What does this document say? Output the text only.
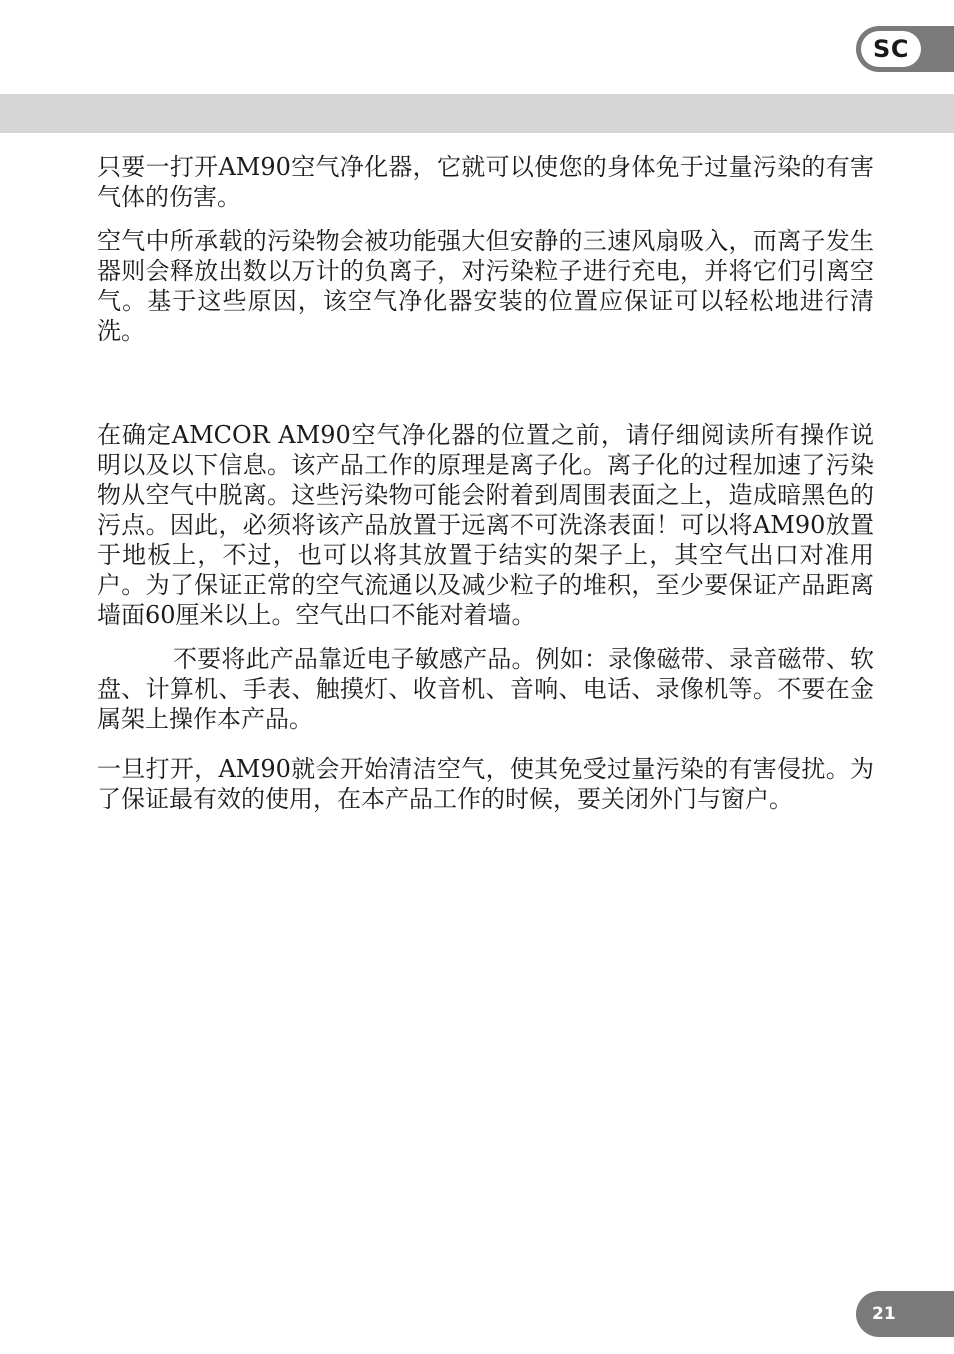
SC

只要一打开AM90空气净化器，它就可以使您的身体免于过量污染的有害气体的伤害。

空气中所承载的污染物会被功能强大但安静的三速风扇吸入，而离子发生器则会释放出数以万计的负离子，对污染粒子进行充电，并将它们引离空气。基于这些原因，该空气净化器安装的位置应保证可以轻松地进行清洗。

在确定AMCOR AM90空气净化器的位置之前，请仔细阅读所有操作说明以及以下信息。该产品工作的原理是离子化。离子化的过程加速了污染物从空气中脱离。这些污染物可能会附着到周围表面之上，造成暗黑色的污点。因此，必须将该产品放置于远离不可洗涤表面！可以将AM90放置于地板上，不过，也可以将其放置于结实的架子上，其空气出口对准用户。为了保证正常的空气流通以及减少粒子的堆积，至少要保证产品距离墙面60厘米以上。空气出口不能对着墙。

不要将此产品靠近电子敏感产品。例如：录像磁带、录音磁带、软盘、计算机、手表、触摸灯、收音机、音响、电话、录像机等。不要在金属架上操作本产品。

一旦打开，AM90就会开始清洁空气，使其免受过量污染的有害侵扰。为了保证最有效的使用，在本产品工作的时候，要关闭外门与窗户。

21
